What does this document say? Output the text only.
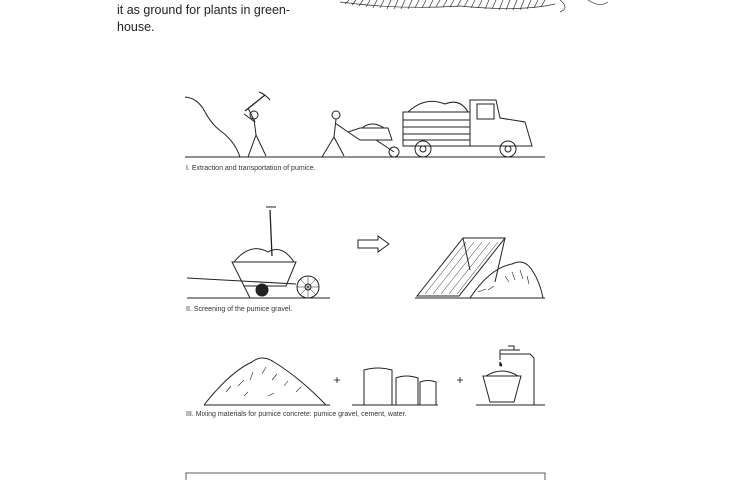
it as ground for plants in green-
house.
+	+
I. Extraction and transportation of pumice.
II. Screening of the pumice gravel.
III. Mixing materials for pumice concrete: pumice gravel, cement, water.
